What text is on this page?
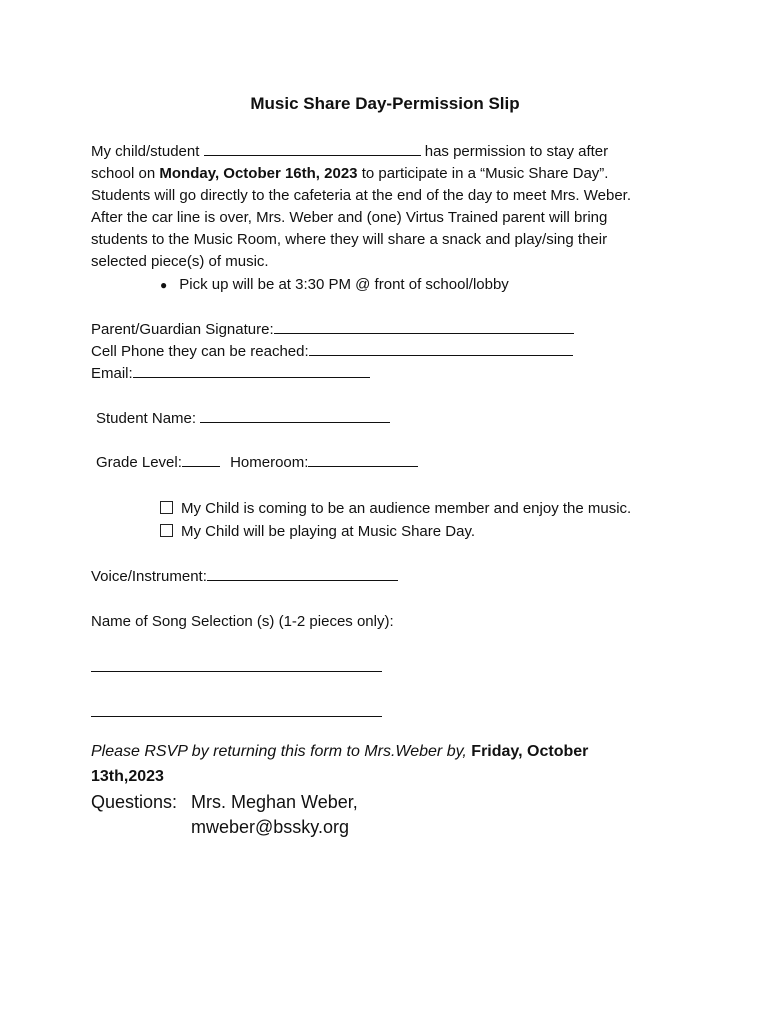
Music Share Day-Permission Slip
My child/student	has permission to stay after
school on Monday, October 16th, 2023 to participate in a “Music Share Day”.
Students will go directly to the cafeteria at the end of the day to meet Mrs. Weber.
After the car line is over, Mrs. Weber and (one) Virtus Trained parent will bring
students to the Music Room, where they will share a snack and play/sing their
selected piece(s) of music.
● Pick up will be at 3:30 PM @ front of school/lobby
Parent/Guardian Signature:
Cell Phone they can be reached:
Email:
Student Name:
Grade Level:	Homeroom:
My Child is coming to be an audience member and enjoy the music.
My Child will be playing at Music Share Day.
Voice/Instrument:
Name of Song Selection (s) (1-2 pieces only):
Please RSVP by returning this form to Mrs.Weber by, Friday, October
13th,2023
Questions: Mrs. Meghan Weber,
mweber@bssky.org
